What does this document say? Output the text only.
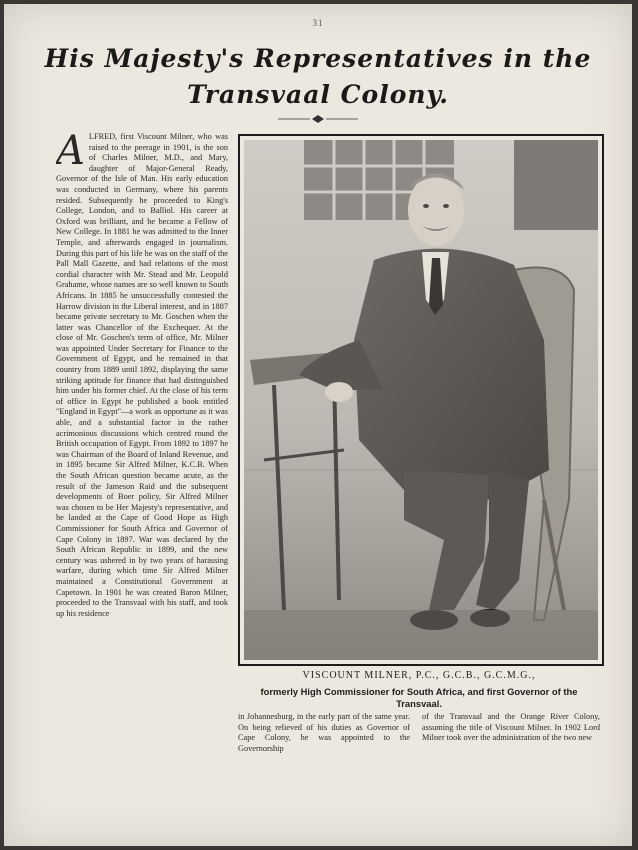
31
His Majesty's Representatives in the
Transvaal Colony.
A LFRED, first Viscount Milner, who was raised to the peerage in 1901, is the son of Charles Milner, M.D., and Mary, daughter of Major-General Ready, Governor of the Isle of Man. His early education was conducted in Germany, where his parents resided. Subsequently he proceeded to King's College, London, and to Balliol. His career at Oxford was brilliant, and he became a Fellow of New College. In 1881 he was admitted to the Inner Temple, and afterwards engaged in journalism. During this part of his life he was on the staff of the Pall Mall Gazette, and had relations of the most cordial character with Mr. Stead and Mr. Leopold Grahame, whose names are so well known to South Africans. In 1885 he unsuccessfully contested the Harrow division in the Liberal interest, and in 1887 became private secretary to Mr. Goschen when the latter was Chancellor of the Exchequer. At the close of Mr. Goschen's term of office, Mr. Milner was appointed Under Secretary for Finance to the Government of Egypt, and he remained in that country from 1889 until 1892, displaying the same striking aptitude for finance that had distinguished him under his former chief. At the close of his term of office in Egypt he published a book entitled "England in Egypt"—a work as opportune as it was able, and a substantial factor in the rather acrimonious discussions which centred round the British occupation of Egypt. From 1892 to 1897 he was Chairman of the Board of Inland Revenue, and in 1895 became Sir Alfred Milner, K.C.B. When the South African question became acute, as the result of the Jameson Raid and the subsequent developments of Boer policy, Sir Alfred Milner was chosen to be Her Majesty's representative, and he landed at the Cape of Good Hope as High Commissioner for South Africa and Governor of Cape Colony in 1897. War was declared by the South African Republic in 1899, and the new century was ushered in by two years of harassing warfare, during which time Sir Alfred Milner maintained a Constitutional Government at Capetown. In 1901 he was created Baron Milner, proceeded to the Transvaal with his staff, and took up his residence
VISCOUNT MILNER, P.C., G.C.B., G.C.M.G.,
formerly High Commissioner for South Africa, and first Governor of the Transvaal.
in Johannesburg, in the early part of the same year. On being relieved of his duties as Governor of Cape Colony, he was appointed to the Governorship
of the Transvaal and the Orange River Colony, assuming the title of Viscount Milner. In 1902 Lord Milner took over the administration of the two new
